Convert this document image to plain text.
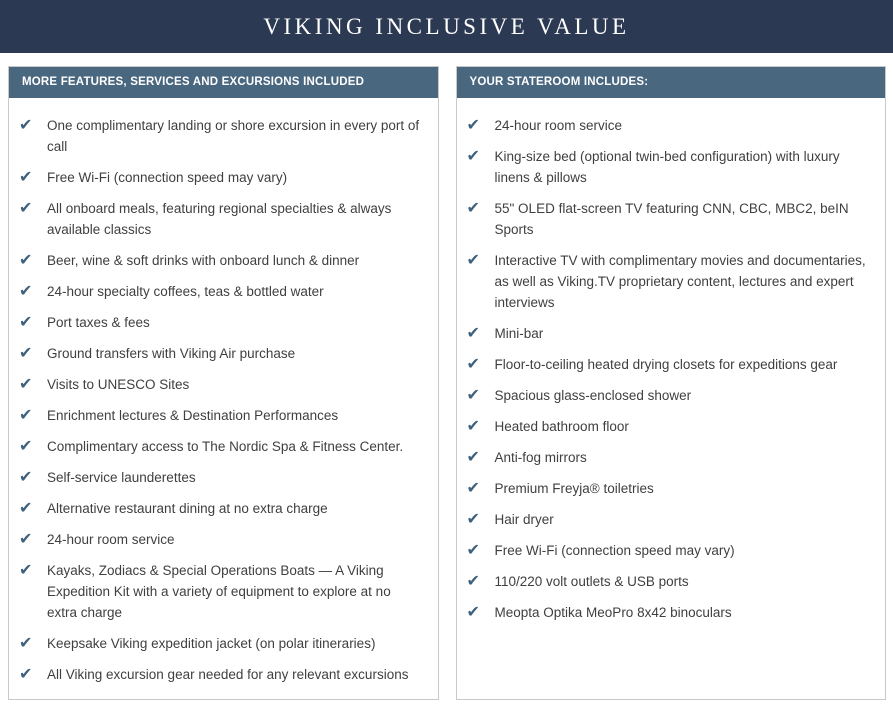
VIKING INCLUSIVE VALUE
MORE FEATURES, SERVICES AND EXCURSIONS INCLUDED
✔ One complimentary landing or shore excursion in every port of call
✔ Free Wi-Fi (connection speed may vary)
✔ All onboard meals, featuring regional specialties & always available classics
✔ Beer, wine & soft drinks with onboard lunch & dinner
✔ 24-hour specialty coffees, teas & bottled water
✔ Port taxes & fees
✔ Ground transfers with Viking Air purchase
✔ Visits to UNESCO Sites
✔ Enrichment lectures & Destination Performances
✔ Complimentary access to The Nordic Spa & Fitness Center.
✔ Self-service launderettes
✔ Alternative restaurant dining at no extra charge
✔ 24-hour room service
✔ Kayaks, Zodiacs & Special Operations Boats — A Viking Expedition Kit with a variety of equipment to explore at no extra charge
✔ Keepsake Viking expedition jacket (on polar itineraries)
✔ All Viking excursion gear needed for any relevant excursions
YOUR STATEROOM INCLUDES:
✔ 24-hour room service
✔ King-size bed (optional twin-bed configuration) with luxury linens & pillows
✔ 55" OLED flat-screen TV featuring CNN, CBC, MBC2, beIN Sports
✔ Interactive TV with complimentary movies and documentaries, as well as Viking.TV proprietary content, lectures and expert interviews
✔ Mini-bar
✔ Floor-to-ceiling heated drying closets for expeditions gear
✔ Spacious glass-enclosed shower
✔ Heated bathroom floor
✔ Anti-fog mirrors
✔ Premium Freyja® toiletries
✔ Hair dryer
✔ Free Wi-Fi (connection speed may vary)
✔ 110/220 volt outlets & USB ports
✔ Meopta Optika MeoPro 8x42 binoculars
